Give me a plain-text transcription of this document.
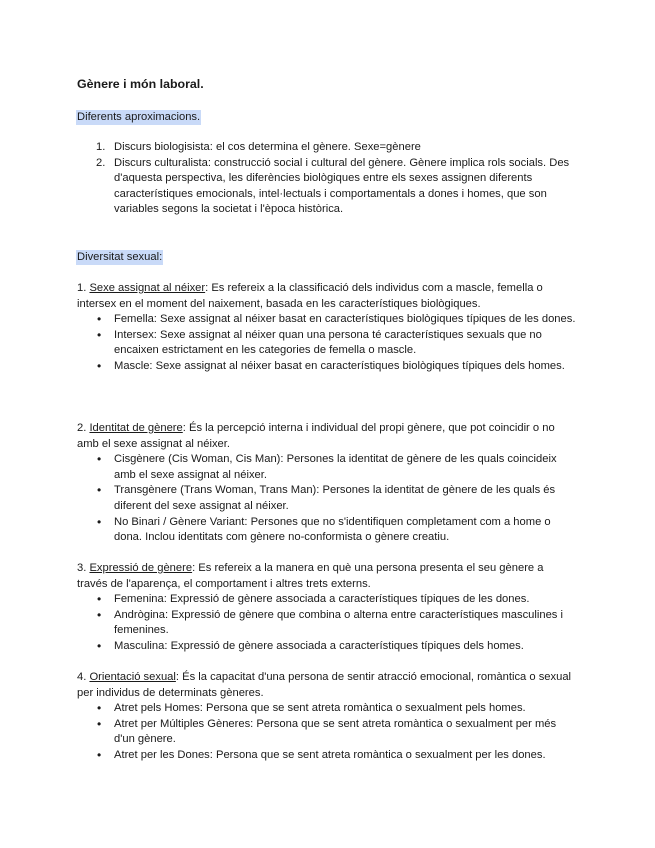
Gènere i món laboral.
Diferents aproximacions.
1. Discurs biologisista: el cos determina el gènere. Sexe=gènere
2. Discurs culturalista: construcció social i cultural del gènere. Gènere implica rols socials. Des d'aquesta perspectiva, les diferències biològiques entre els sexes assignen diferents característiques emocionals, intel·lectuals i comportamentals a dones i homes, que son variables segons la societat i l'època històrica.
Diversitat sexual:

1. Sexe assignat al néixer: Es refereix a la classificació dels individus com a mascle, femella o intersex en el moment del naixement, basada en les característiques biològiques.

• Femella: Sexe assignat al néixer basat en característiques biològiques típiques de les dones.
• Intersex: Sexe assignat al néixer quan una persona té característiques sexuals que no encaixen estrictament en les categories de femella o mascle.
• Mascle: Sexe assignat al néixer basat en característiques biològiques típiques dels homes.

2. Identitat de gènere: És la percepció interna i individual del propi gènere, que pot coincidir o no amb el sexe assignat al néixer.

• Cisgènere (Cis Woman, Cis Man): Persones la identitat de gènere de les quals coincideix amb el sexe assignat al néixer.
• Transgènere (Trans Woman, Trans Man): Persones la identitat de gènere de les quals és diferent del sexe assignat al néixer.
• No Binari / Gènere Variant: Persones que no s'identifiquen completament com a home o dona. Inclou identitats com gènere no-conformista o gènere creatiu.

3. Expressió de gènere: Es refereix a la manera en què una persona presenta el seu gènere a través de l'aparença, el comportament i altres trets externs.

• Femenina: Expressió de gènere associada a característiques típiques de les dones.
• Andrògina: Expressió de gènere que combina o alterna entre característiques masculines i femenines.
• Masculina: Expressió de gènere associada a característiques típiques dels homes.

4. Orientació sexual: És la capacitat d'una persona de sentir atracció emocional, romàntica o sexual per individus de determinats gèneres.

• Atret pels Homes: Persona que se sent atreta romàntica o sexualment pels homes.
• Atret per Múltiples Gèneres: Persona que se sent atreta romàntica o sexualment per més d'un gènere.
• Atret per les Dones: Persona que se sent atreta romàntica o sexualment per les dones.
